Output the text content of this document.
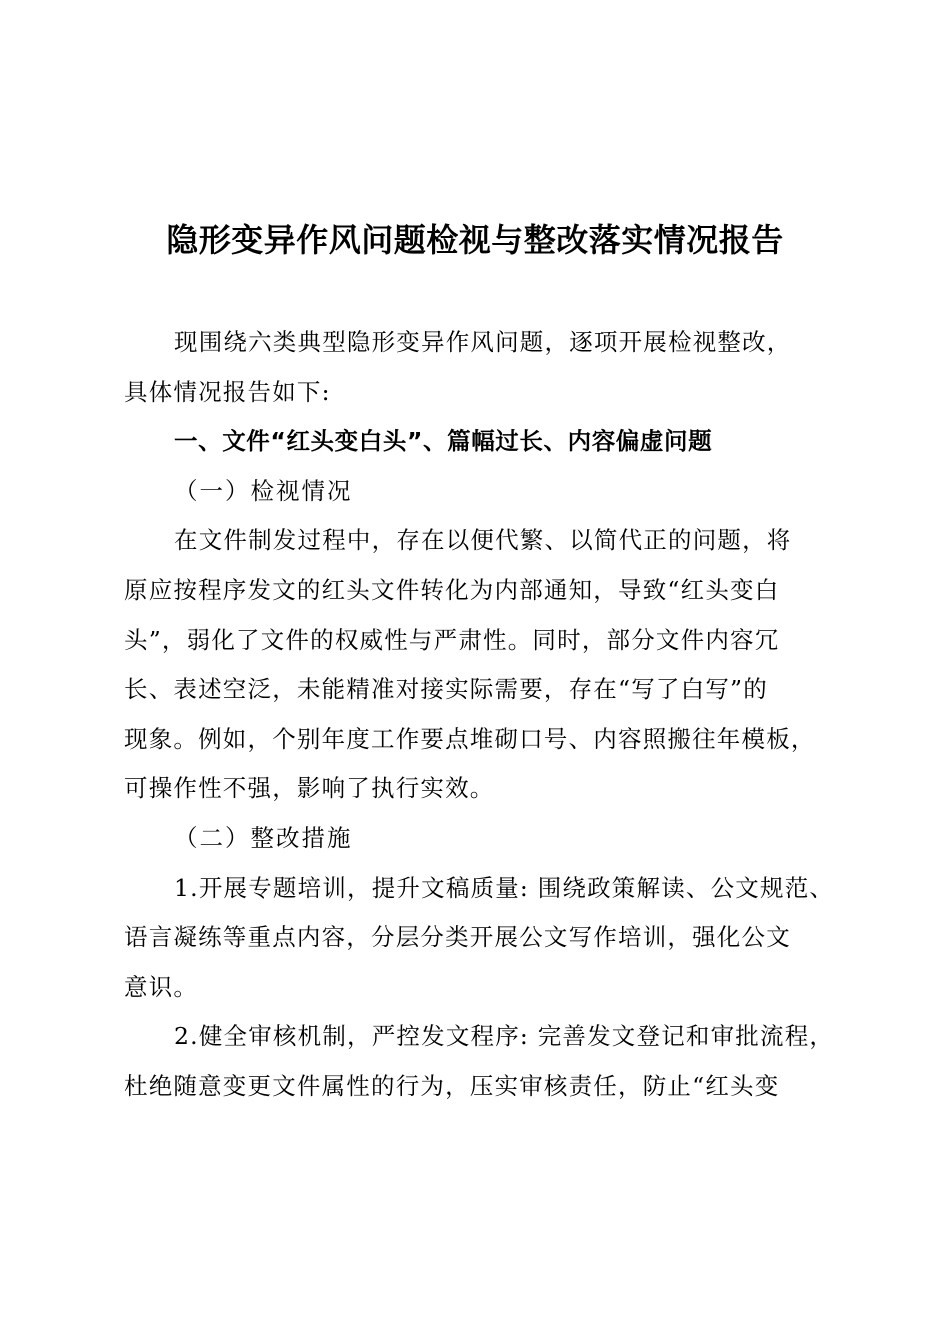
隐形变异作风问题检视与整改落实情况报告
现围绕六类典型隐形变异作风问题，逐项开展检视整改，
具体情况报告如下:
一、文件“红头变白头”、篇幅过长、内容偏虚问题
（一）检视情况
在文件制发过程中，存在以便代繁、以简代正的问题，将
原应按程序发文的红头文件转化为内部通知，导致“红头变白
头”，弱化了文件的权威性与严肃性。同时，部分文件内容冗
长、表述空泛，未能精准对接实际需要，存在“写了白写”的
现象。例如，个别年度工作要点堆砌口号、内容照搬往年模板，
可操作性不强，影响了执行实效。
（二）整改措施
1.开展专题培训，提升文稿质量: 围绕政策解读、公文规范、
语言凝练等重点内容，分层分类开展公文写作培训，强化公文
意识。
2.健全审核机制，严控发文程序: 完善发文登记和审批流程，
杜绝随意变更文件属性的行为，压实审核责任，防止“红头变
